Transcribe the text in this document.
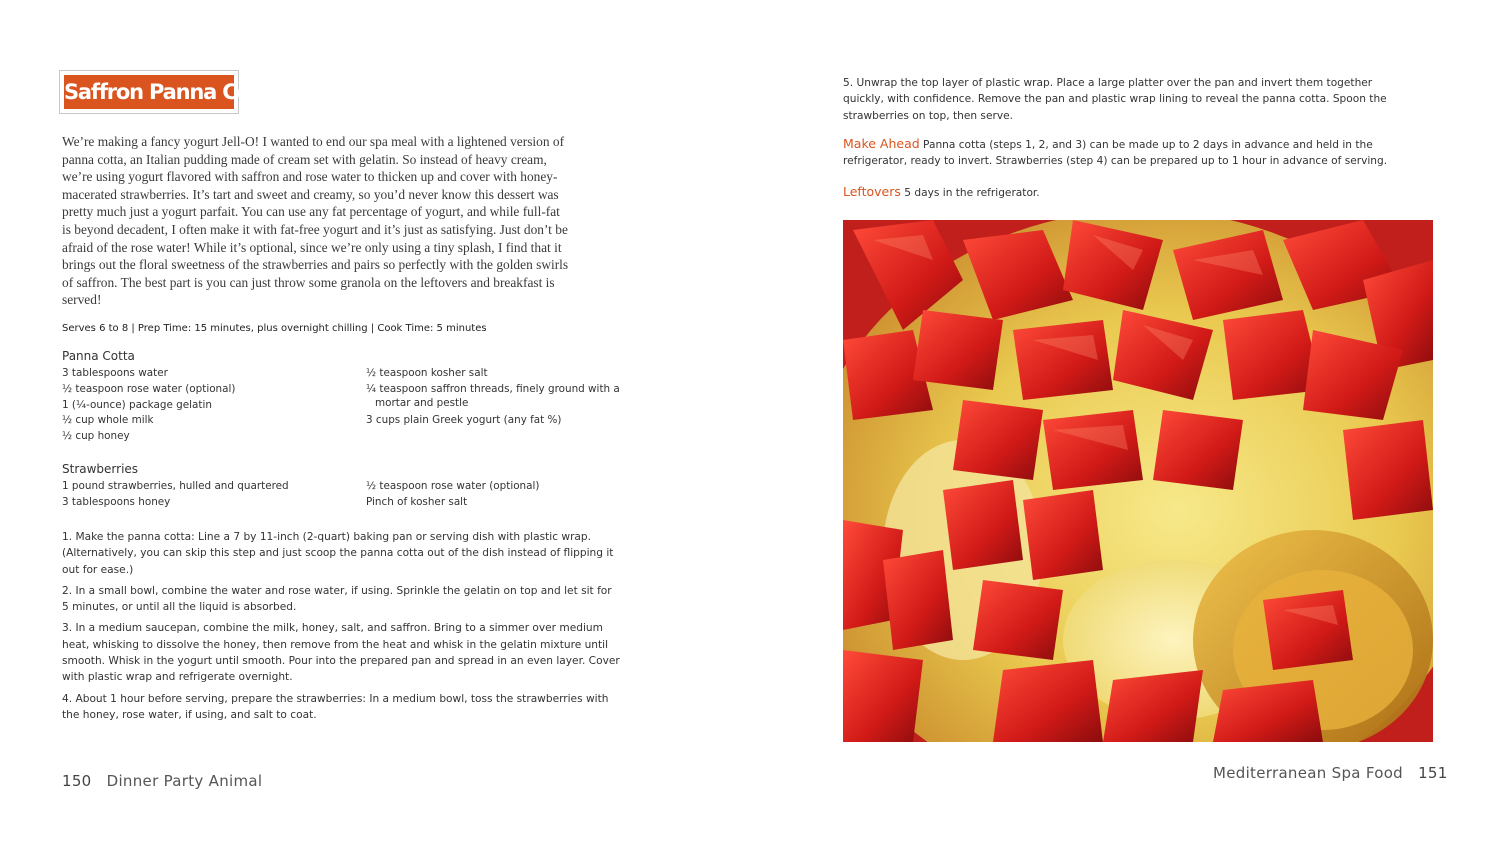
Saffron Panna Cotta
We’re making a fancy yogurt Jell-O! I wanted to end our spa meal with a lightened version of
panna cotta, an Italian pudding made of cream set with gelatin. So instead of heavy cream,
we’re using yogurt flavored with saffron and rose water to thicken up and cover with honey-
macerated strawberries. It’s tart and sweet and creamy, so you’d never know this dessert was
pretty much just a yogurt parfait. You can use any fat percentage of yogurt, and while full-fat
is beyond decadent, I often make it with fat-free yogurt and it’s just as satisfying. Just don’t be
afraid of the rose water! While it’s optional, since we’re only using a tiny splash, I find that it
brings out the floral sweetness of the strawberries and pairs so perfectly with the golden swirls
of saffron. The best part is you can just throw some granola on the leftovers and breakfast is
served!
Serves 6 to 8 | Prep Time: 15 minutes, plus overnight chilling | Cook Time: 5 minutes
Panna Cotta
3 tablespoons water
½ teaspoon rose water (optional)
1 (¼-ounce) package gelatin
½ cup whole milk
½ cup honey
½ teaspoon kosher salt
¼ teaspoon saffron threads, finely ground with a
mortar and pestle
3 cups plain Greek yogurt (any fat %)
Strawberries
1 pound strawberries, hulled and quartered
3 tablespoons honey
½ teaspoon rose water (optional)
Pinch of kosher salt
1. Make the panna cotta: Line a 7 by 11-inch (2-quart) baking pan or serving dish with plastic wrap.
(Alternatively, you can skip this step and just scoop the panna cotta out of the dish instead of flipping it
out for ease.)
2. In a small bowl, combine the water and rose water, if using. Sprinkle the gelatin on top and let sit for
5 minutes, or until all the liquid is absorbed.
3. In a medium saucepan, combine the milk, honey, salt, and saffron. Bring to a simmer over medium
heat, whisking to dissolve the honey, then remove from the heat and whisk in the gelatin mixture until
smooth. Whisk in the yogurt until smooth. Pour into the prepared pan and spread in an even layer. Cover
with plastic wrap and refrigerate overnight.
4. About 1 hour before serving, prepare the strawberries: In a medium bowl, toss the strawberries with
the honey, rose water, if using, and salt to coat.
150 Dinner Party Animal
5. Unwrap the top layer of plastic wrap. Place a large platter over the pan and invert them together
quickly, with confidence. Remove the pan and plastic wrap lining to reveal the panna cotta. Spoon the
strawberries on top, then serve.
Make Ahead Panna cotta (steps 1, 2, and 3) can be made up to 2 days in advance and held in the
refrigerator, ready to invert. Strawberries (step 4) can be prepared up to 1 hour in advance of serving.
Leftovers 5 days in the refrigerator.
Mediterranean Spa Food 151
